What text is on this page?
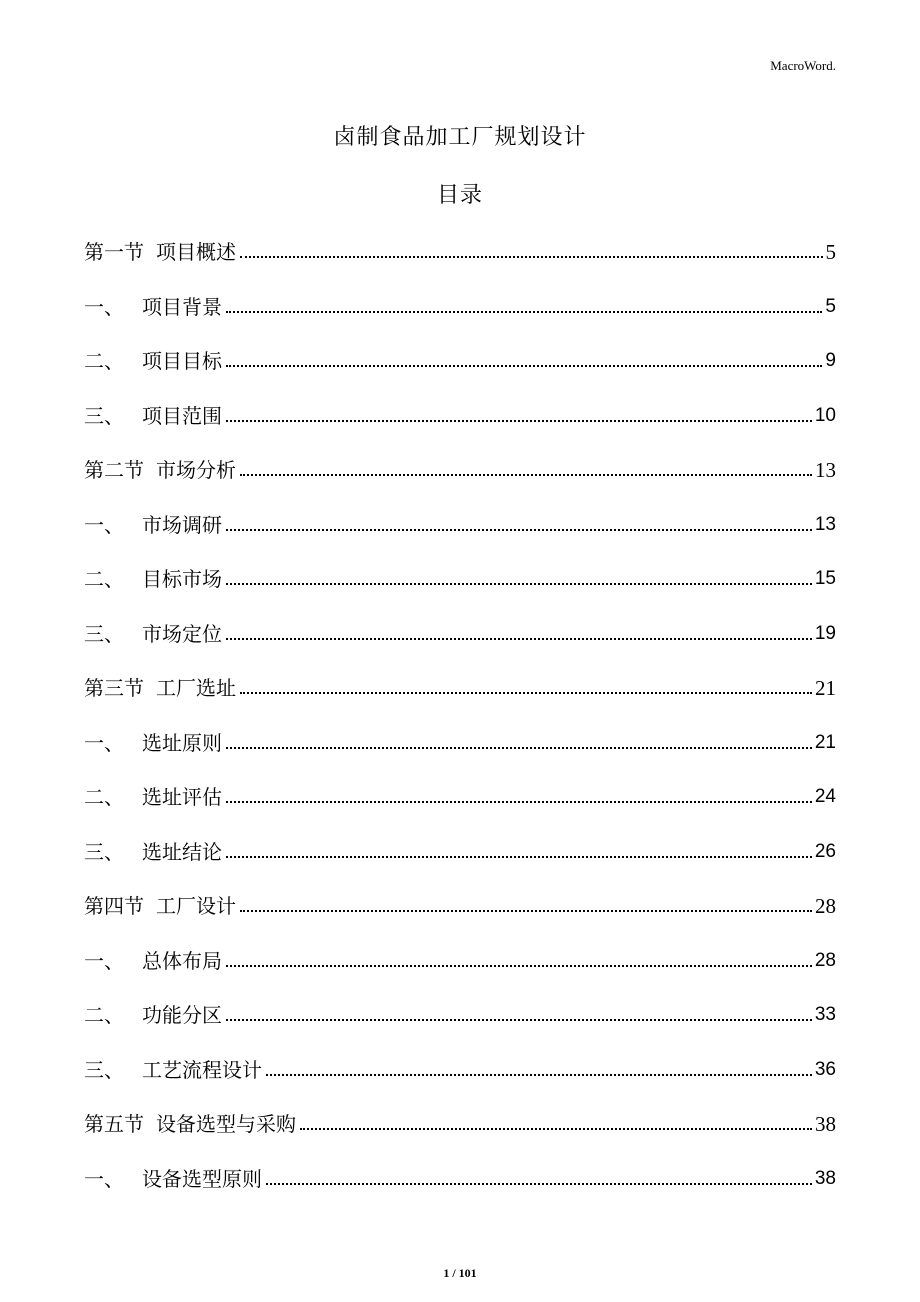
MacroWord.
卤制食品加工厂规划设计
目录
第一节 项目概述	5
一、 项目背景	5
二、 项目目标	9
三、 项目范围	10
第二节 市场分析	13
一、 市场调研	13
二、 目标市场	15
三、 市场定位	19
第三节 工厂选址	21
一、 选址原则	21
二、 选址评估	24
三、 选址结论	26
第四节 工厂设计	28
一、 总体布局	28
二、 功能分区	33
三、 工艺流程设计	36
第五节 设备选型与采购	38
一、 设备选型原则	38
1 / 101
